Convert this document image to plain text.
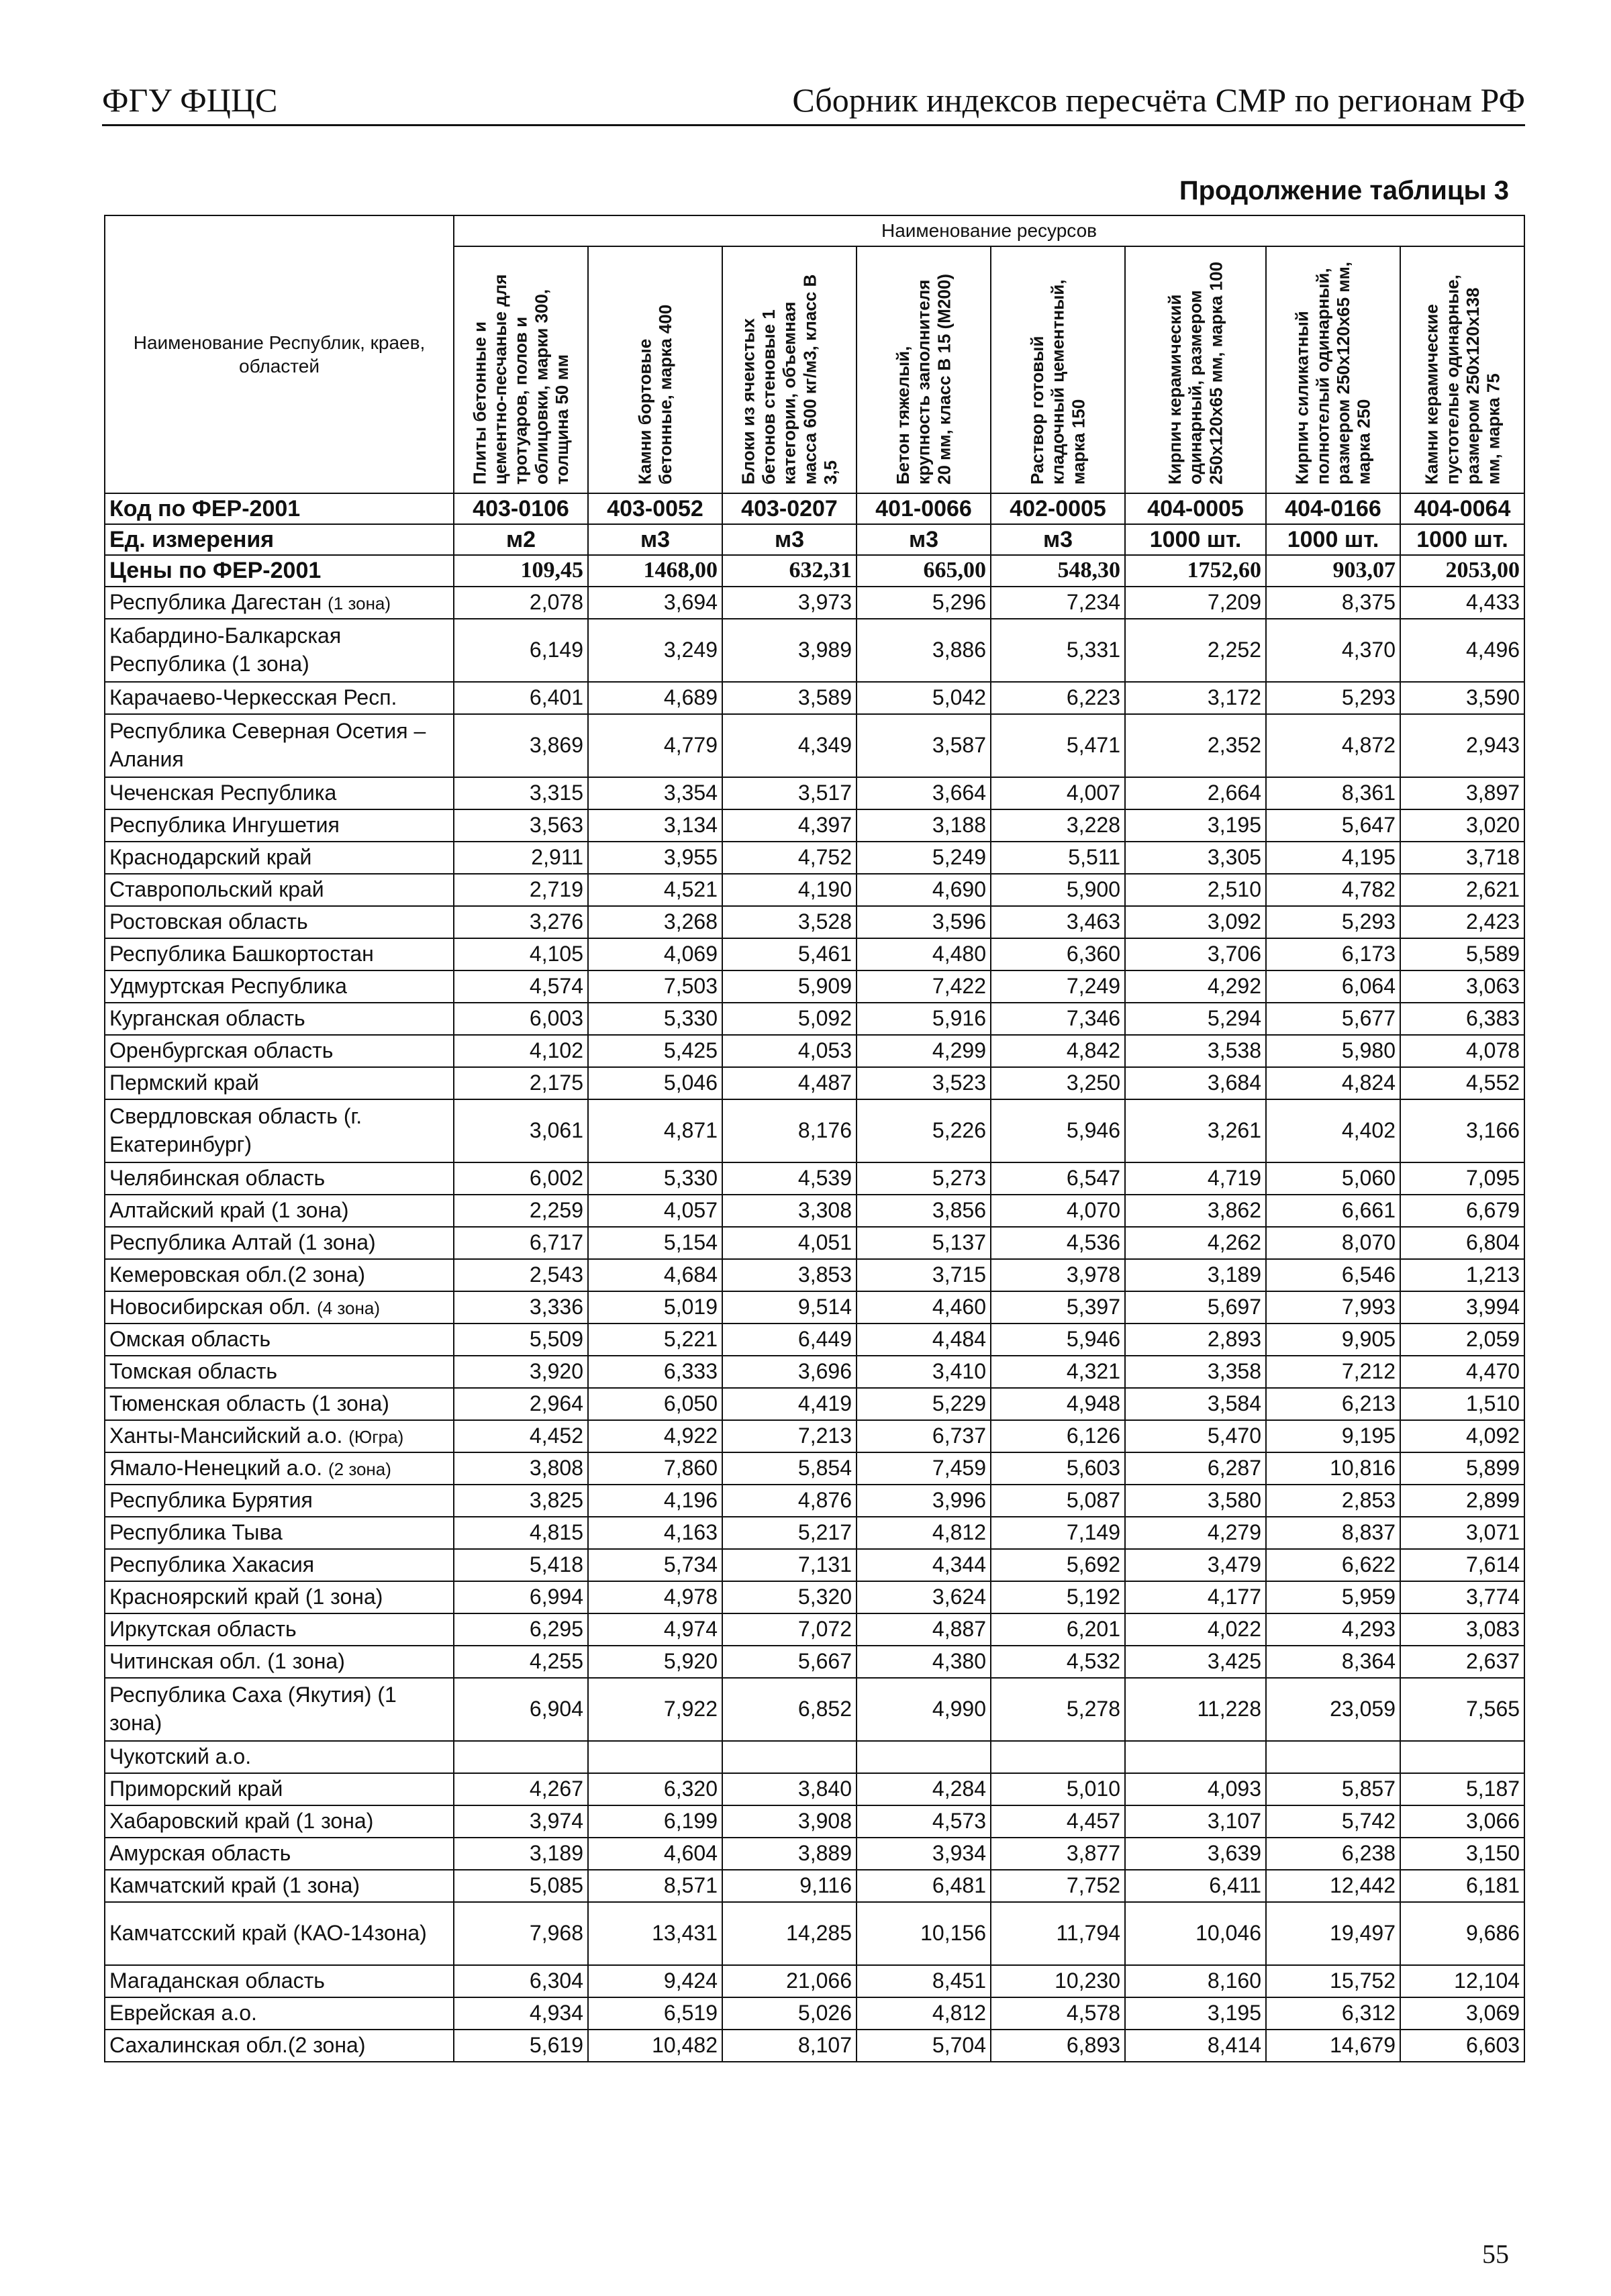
ФГУ ФЦЦС	Сборник индексов пересчёта СМР по регионам РФ
Продолжение таблицы 3
Наименование Республик, краев, областей	Наименование ресурсов							

	Плиты бетонные и цементно-песчаные для тротуаров, полов и облицовки, марки 300, толщина 50 мм	Камни бортовые бетонные, марка 400	Блоки из ячеистых бетонов стеновые 1 категории, объемная масса 600 кг/м3, класс В 3,5	Бетон тяжелый, крупность заполнителя 20 мм, класс В 15 (М200)	Раствор готовый кладочный цементный, марка 150	Кирпич керамический одинарный, размером 250х120х65 мм, марка 100	Кирпич силикатный полнотелый одинарный, размером 250х120х65 мм, марка 250	Камни керамические пустотелые одинарные, размером 250х120х138 мм, марка 75

Код по ФЕР-2001	403-0106	403-0052	403-0207	401-0066	402-0005	404-0005	404-0166	404-0064
Ед. измерения	м2	м3	м3	м3	м3	1000 шт.	1000 шт.	1000 шт.
Цены по ФЕР-2001	109,45	1468,00	632,31	665,00	548,30	1752,60	903,07	2053,00
Республика Дагестан (1 зона)	2,078	3,694	3,973	5,296	7,234	7,209	8,375	4,433
Кабардино-Балкарская Республика (1 зона)	6,149	3,249	3,989	3,886	5,331	2,252	4,370	4,496
Карачаево-Черкесская Респ.	6,401	4,689	3,589	5,042	6,223	3,172	5,293	3,590
Республика Северная Осетия – Алания	3,869	4,779	4,349	3,587	5,471	2,352	4,872	2,943
Чеченская Республика	3,315	3,354	3,517	3,664	4,007	2,664	8,361	3,897
Республика Ингушетия	3,563	3,134	4,397	3,188	3,228	3,195	5,647	3,020
Краснодарский край	2,911	3,955	4,752	5,249	5,511	3,305	4,195	3,718
Ставропольский край	2,719	4,521	4,190	4,690	5,900	2,510	4,782	2,621
Ростовская область	3,276	3,268	3,528	3,596	3,463	3,092	5,293	2,423
Республика Башкортостан	4,105	4,069	5,461	4,480	6,360	3,706	6,173	5,589
Удмуртская Республика	4,574	7,503	5,909	7,422	7,249	4,292	6,064	3,063
Курганская область	6,003	5,330	5,092	5,916	7,346	5,294	5,677	6,383
Оренбургская область	4,102	5,425	4,053	4,299	4,842	3,538	5,980	4,078
Пермский край	2,175	5,046	4,487	3,523	3,250	3,684	4,824	4,552
Свердловская область (г. Екатеринбург)	3,061	4,871	8,176	5,226	5,946	3,261	4,402	3,166
Челябинская область	6,002	5,330	4,539	5,273	6,547	4,719	5,060	7,095
Алтайский край (1 зона)	2,259	4,057	3,308	3,856	4,070	3,862	6,661	6,679
Республика Алтай (1 зона)	6,717	5,154	4,051	5,137	4,536	4,262	8,070	6,804
Кемеровская обл.(2 зона)	2,543	4,684	3,853	3,715	3,978	3,189	6,546	1,213
Новосибирская обл. (4 зона)	3,336	5,019	9,514	4,460	5,397	5,697	7,993	3,994
Омская область	5,509	5,221	6,449	4,484	5,946	2,893	9,905	2,059
Томская область	3,920	6,333	3,696	3,410	4,321	3,358	7,212	4,470
Тюменская область (1 зона)	2,964	6,050	4,419	5,229	4,948	3,584	6,213	1,510
Ханты-Мансийский а.о. (Югра)	4,452	4,922	7,213	6,737	6,126	5,470	9,195	4,092
Ямало-Ненецкий а.о. (2 зона)	3,808	7,860	5,854	7,459	5,603	6,287	10,816	5,899
Республика Бурятия	3,825	4,196	4,876	3,996	5,087	3,580	2,853	2,899
Республика Тыва	4,815	4,163	5,217	4,812	7,149	4,279	8,837	3,071
Республика Хакасия	5,418	5,734	7,131	4,344	5,692	3,479	6,622	7,614
Красноярский край (1 зона)	6,994	4,978	5,320	3,624	5,192	4,177	5,959	3,774
Иркутская область	6,295	4,974	7,072	4,887	6,201	4,022	4,293	3,083
Читинская обл. (1 зона)	4,255	5,920	5,667	4,380	4,532	3,425	8,364	2,637
Республика Саха (Якутия) (1 зона)	6,904	7,922	6,852	4,990	5,278	11,228	23,059	7,565
Чукотский а.о.								
Приморский край	4,267	6,320	3,840	4,284	5,010	4,093	5,857	5,187
Хабаровский край (1 зона)	3,974	6,199	3,908	4,573	4,457	3,107	5,742	3,066
Амурская область	3,189	4,604	3,889	3,934	3,877	3,639	6,238	3,150
Камчатский край (1 зона)	5,085	8,571	9,116	6,481	7,752	6,411	12,442	6,181
Камчатсский край (КАО-14зона)	7,968	13,431	14,285	10,156	11,794	10,046	19,497	9,686
Магаданская область	6,304	9,424	21,066	8,451	10,230	8,160	15,752	12,104
Еврейская а.о.	4,934	6,519	5,026	4,812	4,578	3,195	6,312	3,069
Сахалинская обл.(2 зона)	5,619	10,482	8,107	5,704	6,893	8,414	14,679	6,603
55
